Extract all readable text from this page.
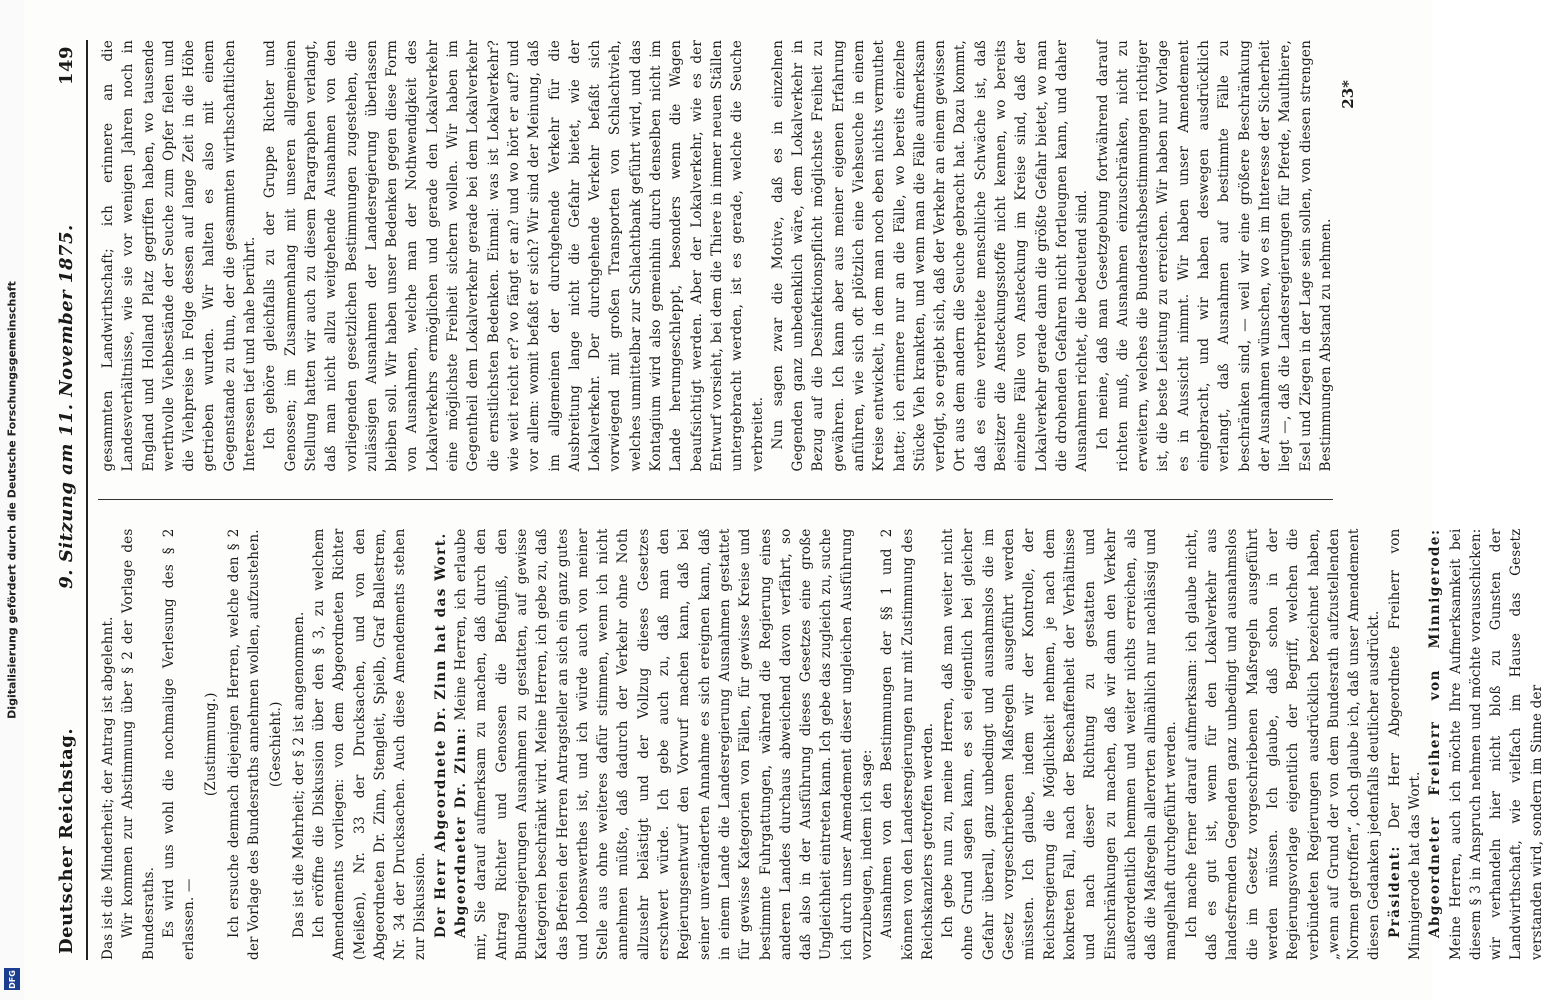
Digitalisierung gefördert durch die Deutsche Forschungsgemeinschaft
DFG
Deutscher Reichstag.
9. Sitzung am 11. November 1875.
149

Das ist die Minderheit; der Antrag ist abgelehnt. Wir kommen zur Abstimmung über § 2 der Vorlage des Bundesraths. Es wird uns wohl die nochmalige Verlesung des § 2 erlassen. —

(Zustimmung.) Ich ersuche demnach diejenigen Herren, welche den § 2 der Vorlage des Bundesraths annehmen wollen, aufzustehen. (Geschieht.) Das ist die Mehrheit; der § 2 ist angenommen. Ich eröffne die Diskussion über den § 3, zu welchem Amendements vorliegen: von dem Abgeordneten Richter (Meißen), Nr. 33 der Drucksachen, und von den Abgeordneten Dr. Zinn, Stengleit, Spielb, Graf Ballestrem, Nr. 34 der Drucksachen. Auch diese Amendements stehen zur Diskussion. Der Herr Abgeordnete Dr. Zinn hat das Wort. Abgeordneter Dr. Zinn: Meine Herren, ich erlaube mir, Sie darauf aufmerksam zu machen, daß durch den Antrag Richter und Genossen die Befugniß, den Bundesregierungen Ausnahmen zu gestatten, auf gewisse Kategorien beschränkt wird. Meine Herren, ich gebe zu, daß das Befreien der Herren Antragsteller an sich ein ganz gutes und lobenswerthes ist, und ich würde auch von meiner Stelle aus ohne weiteres dafür stimmen, wenn ich nicht annehmen müßte, daß dadurch der Verkehr ohne Noth allzusehr belästigt und der Vollzug dieses Gesetzes erschwert würde. Ich gebe auch zu, daß man den Regierungsentwurf den Vorwurf machen kann, daß bei seiner unveränderten Annahme es sich ereignen kann, daß in einem Lande die Landesregierung Ausnahmen gestattet für gewisse Kategorien von Fällen, für gewisse Kreise und bestimmte Fuhrgattungen, während die Regierung eines anderen Landes durchaus abweichend davon verfährt, so daß also in der Ausführung dieses Gesetzes eine große Ungleichheit eintreten kann. Ich gebe das zugleich zu, suche ich durch unser Amendement dieser ungleichen Ausführung vorzubeugen, indem ich sage: Ausnahmen von den Bestimmungen der §§ 1 und 2 können von den Landesregierungen nur mit Zustimmung des Reichskanzlers getroffen werden. Ich gebe nun zu, meine Herren, daß man weiter nicht ohne Grund sagen kann, es sei eigentlich bei gleicher Gefahr überall, ganz unbedingt und ausnahmslos die im Gesetz vorgeschriebenen Maßregeln ausgeführt werden müssten. Ich glaube, indem wir der Kontrolle, der Reichsregierung die Möglichkeit nehmen, je nach dem konkreten Fall, nach der Beschaffenheit der Verhältnisse und nach dieser Richtung zu gestatten und Einschränkungen zu machen, daß wir dann den Verkehr außerordentlich hemmen und weiter nichts erreichen, als daß die Maßregeln allerorten allmählich nur nachlässig und mangelhaft durchgeführt werden. Ich mache ferner darauf aufmerksam: ich glaube nicht, daß es gut ist, wenn für den Lokalverkehr aus landesfremden Gegenden ganz unbedingt und ausnahmslos die im Gesetz vorgeschriebenen Maßregeln ausgeführt werden müssen. Ich glaube, daß schon in der Regierungsvorlage eigentlich der Begriff, welchen die verbündeten Regierungen ausdrücklich bezeichnet haben, „wenn auf Grund der von dem Bundesrath aufzustellenden Normen getroffen“, doch glaube ich, daß unser Amendement diesen Gedanken jedenfalls deutlicher ausdrückt. Präsident: Der Herr Abgeordnete Freiherr von Minnigerode hat das Wort. Abgeordneter Freiherr von Minnigerode: Meine Herren, auch ich möchte Ihre Aufmerksamkeit bei diesem § 3 in Anspruch nehmen und möchte vorausschicken: wir verhandeln hier nicht bloß zu Gunsten der Landwirthschaft, wie vielfach im Hause das Gesetz verstanden wird, sondern im Sinne der

gesammten Landwirthschaft; ich erinnere an die Landesverhältnisse, wie sie vor wenigen Jahren noch in England und Holland Platz gegriffen haben, wo tausende werthvolle Viehbestände der Seuche zum Opfer fielen und die Viehpreise in Folge dessen auf lange Zeit in die Höhe getrieben wurden. Wir halten es also mit einem Gegenstande zu thun, der die gesammten wirthschaftlichen Interessen tief und nahe berührt. Ich gehöre gleichfalls zu der Gruppe Richter und Genossen; im Zusammenhang mit unseren allgemeinen Stellung hatten wir auch zu diesem Paragraphen verlangt, daß man nicht allzu weitgehende Ausnahmen von den vorliegenden gesetzlichen Bestimmungen zugestehen, die zulässigen Ausnahmen der Landesregierung überlassen bleiben soll. Wir haben unser Bedenken gegen diese Form von Ausnahmen, welche man der Nothwendigkeit des Lokalverkehrs ermöglichen und gerade den Lokalverkehr eine möglichste Freiheit sichern wollen. Wir haben im Gegentheil dem Lokalverkehr gerade bei dem Lokalverkehr die ernstlichsten Bedenken. Einmal: was ist Lokalverkehr? wie weit reicht er? wo fängt er an? und wo hört er auf? und vor allem: womit befaßt er sich? Wir sind der Meinung, daß im allgemeinen der durchgehende Verkehr für die Ausbreitung lange nicht die Gefahr bietet, wie der Lokalverkehr. Der durchgehende Verkehr befaßt sich vorwiegend mit großen Transporten von Schlachtvieh, welches unmittelbar zur Schlachtbank geführt wird, und das Kontagium wird also gemeinhin durch denselben nicht im Lande herumgeschleppt, besonders wenn die Wagen beaufsichtigt werden. Aber der Lokalverkehr, wie es der Entwurf vorsieht, bei dem die Thiere in immer neuen Ställen untergebracht werden, ist es gerade, welche die Seuche verbreitet. Nun sagen zwar die Motive, daß es in einzelnen Gegenden ganz unbedenklich wäre, dem Lokalverkehr in Bezug auf die Desinfektionspflicht möglichste Freiheit zu gewähren. Ich kann aber aus meiner eigenen Erfahrung anführen, wie sich oft plötzlich eine Viehseuche in einem Kreise entwickelt, in dem man noch eben nichts vermuthet hatte; ich erinnere nur an die Fälle, wo bereits einzelne Stücke Vieh krankten, und wenn man die Fälle aufmerksam verfolgt, so ergiebt sich, daß der Verkehr an einem gewissen Ort aus dem andern die Seuche gebracht hat. Dazu kommt, daß es eine verbreitete menschliche Schwäche ist, daß Besitzer die Ansteckungsstoffe nicht kennen, wo bereits einzelne Fälle von Ansteckung im Kreise sind, daß der Lokalverkehr gerade dann die größte Gefahr bietet, wo man die drohenden Gefahren nicht fortleugnen kann, und daher Ausnahmen richtet, die bedeutend sind. Ich meine, daß man Gesetzgebung fortwährend darauf richten muß, die Ausnahmen einzuschränken, nicht zu erweitern, welches die Bundesrathsbestimmungen richtiger ist, die beste Leistung zu erreichen. Wir haben nur Vorlage es in Aussicht nimmt. Wir haben unser Amendement eingebracht, und wir haben deswegen ausdrücklich verlangt, daß Ausnahmen auf bestimmte Fälle zu beschränken sind, — weil wir eine größere Beschränkung der Ausnahmen wünschen, wo es im Interesse der Sicherheit liegt —, daß die Landesregierungen für Pferde, Maulthiere, Esel und Ziegen in der Lage sein sollen, von diesen strengen Bestimmungen Abstand zu nehmen.

23*
